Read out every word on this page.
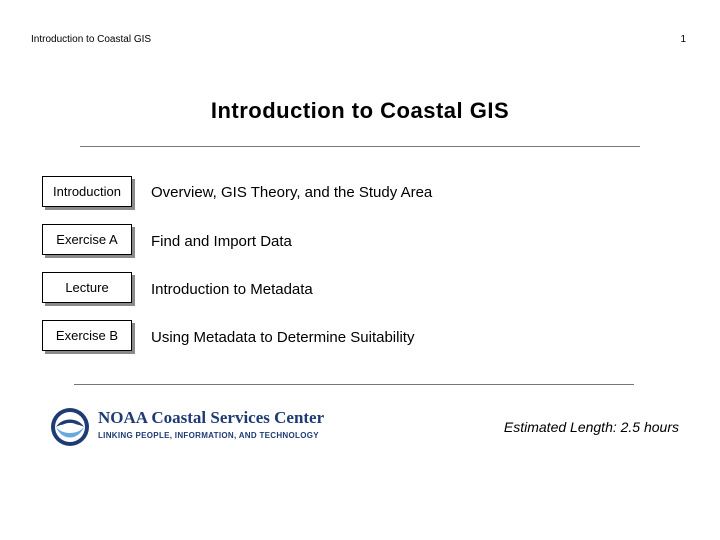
Introduction to Coastal GIS	1
Introduction to Coastal GIS
Introduction	Overview, GIS Theory, and the Study Area
Exercise A	Find and Import Data
Lecture	Introduction to Metadata
Exercise B	Using Metadata to Determine Suitability
NOAA
NOAA Coastal Services Center
LINKING PEOPLE, INFORMATION, AND TECHNOLOGY
Estimated Length: 2.5 hours
